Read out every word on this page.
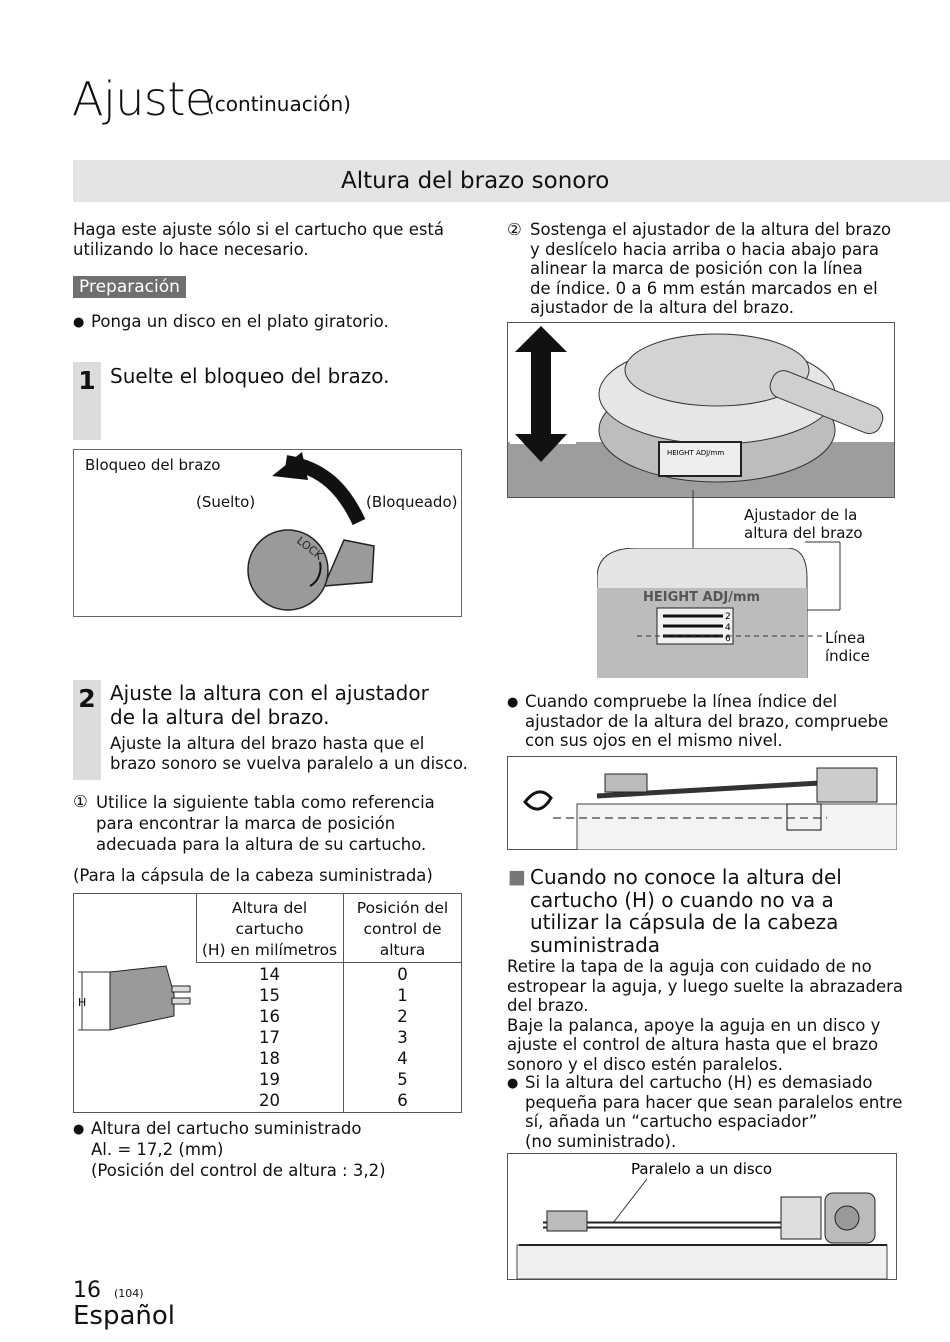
Ajuste
(continuación)
Altura del brazo sonoro
Haga este ajuste sólo si el cartucho que está
utilizando lo hace necesario.
Preparación
● Ponga un disco en el plato giratorio.
1 Suelte el bloqueo del brazo.
Bloqueo del brazo
(Suelto)	(Bloqueado)
LOCK
2 Ajuste la altura con el ajustador
de la altura del brazo.
Ajuste la altura del brazo hasta que el
brazo sonoro se vuelva paralelo a un disco.
① Utilice la siguiente tabla como referencia
para encontrar la marca de posición
adecuada para la altura de su cartucho.
(Para la cápsula de la cabeza suministrada)
H
Altura del cartucho
(H) en milímetros
Posición del
control de
altura
14
15
16
17
18
19
20
0
1
2
3
4
5
6
● Altura del cartucho suministrado
Al. = 17,2 (mm)
(Posición del control de altura : 3,2)
② Sostenga el ajustador de la altura del brazo
y deslícelo hacia arriba o hacia abajo para
alinear la marca de posición con la línea
de índice. 0 a 6 mm están marcados en el
ajustador de la altura del brazo.
HEIGHT ADJ/mm
Ajustador de la
altura del brazo
HEIGHT ADJ/mm
2
4
6	Línea
índice
● Cuando compruebe la línea índice del
ajustador de la altura del brazo, compruebe
con sus ojos en el mismo nivel.
■ Cuando no conoce la altura del
cartucho (H) o cuando no va a
utilizar la cápsula de la cabeza
suministrada
Retire la tapa de la aguja con cuidado de no
estropear la aguja, y luego suelte la abrazadera
del brazo.
Baje la palanca, apoye la aguja en un disco y
ajuste el control de altura hasta que el brazo
sonoro y el disco estén paralelos.
● Si la altura del cartucho (H) es demasiado
pequeña para hacer que sean paralelos entre
sí, añada un “cartucho espaciador”
(no suministrado).
Paralelo a un disco
16 (104)
Español
